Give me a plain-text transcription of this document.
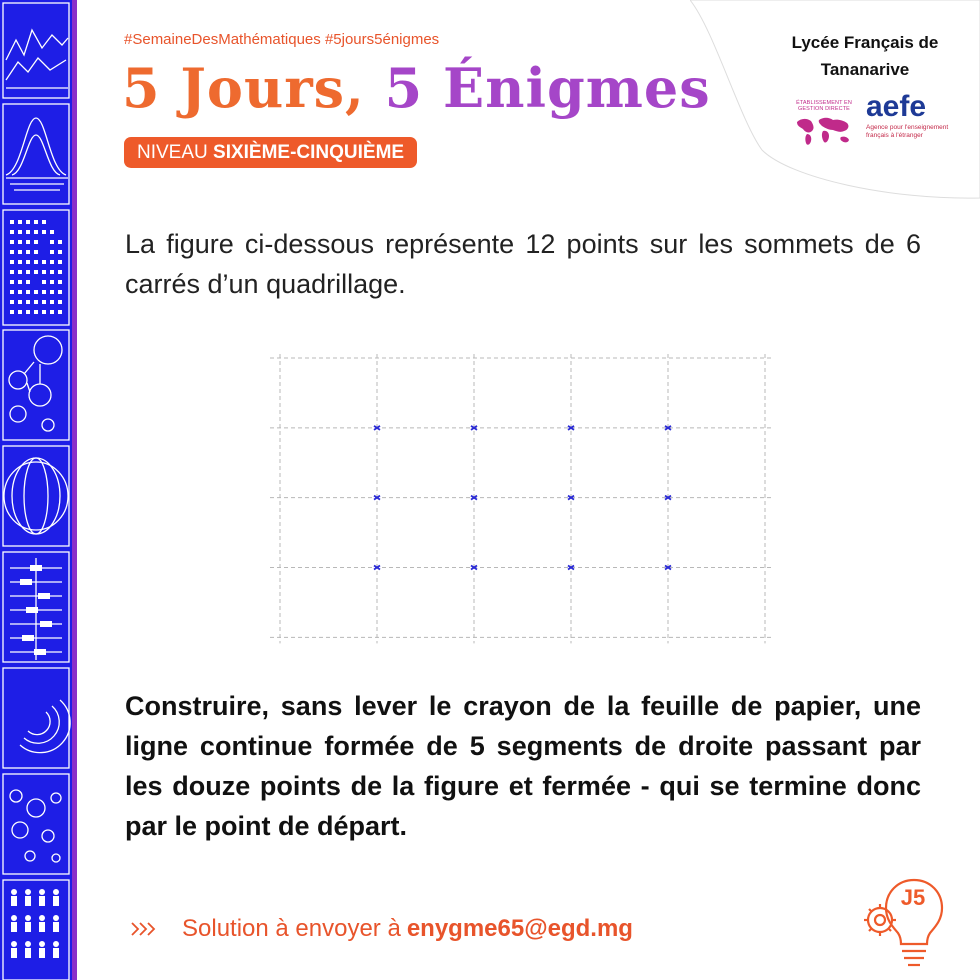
Lycée Français de Tananarive
ÉTABLISSEMENT EN GESTION DIRECTE aefe
Agence pour l'enseignement français à l'étranger
#SemaineDesMathématiques #5jours5énigmes
5 Jours, 5 Énigmes
NIVEAU SIXIÈME-CINQUIÈME
La figure ci-dessous représente 12 points sur les sommets de 6 carrés d’un quadrillage.
Construire, sans lever le crayon de la feuille de papier, une ligne continue formée de 5 segments de droite passant par les douze points de la figure et fermée - qui se termine donc par le point de départ.
Solution à envoyer à enygme65@egd.mg
J5
